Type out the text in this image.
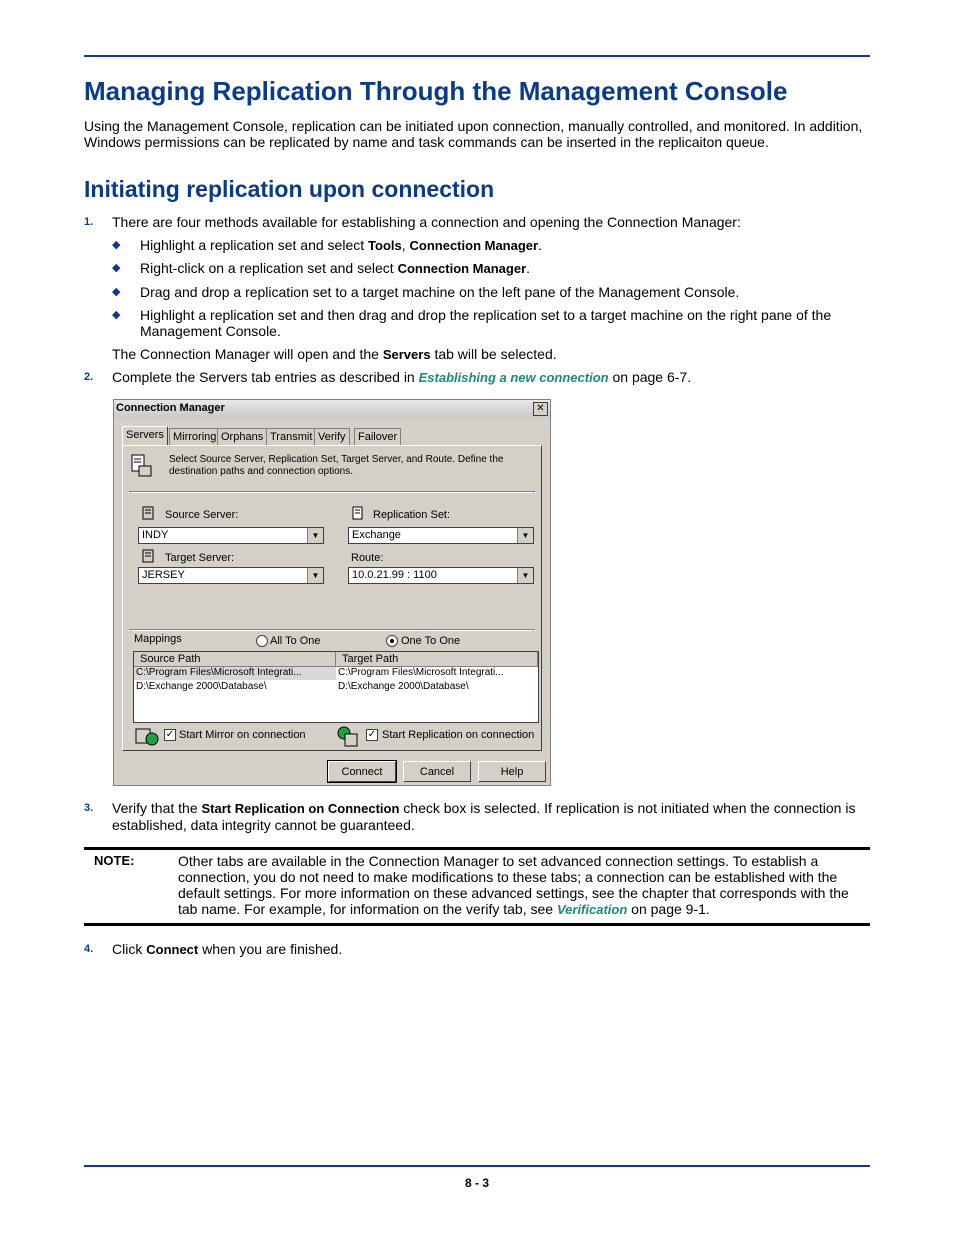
Managing Replication Through the Management Console

Using the Management Console, replication can be initiated upon connection, manually controlled, and monitored. In addition, Windows permissions can be replicated by name and task commands can be inserted in the replicaiton queue.

Initiating replication upon connection
1. There are four methods available for establishing a connection and opening the Connection Manager:
◆ Highlight a replication set and select Tools, Connection Manager.
◆ Right-click on a replication set and select Connection Manager.
◆ Drag and drop a replication set to a target machine on the left pane of the Management Console.
◆ Highlight a replication set and then drag and drop the replication set to a target machine on the right pane of the Management Console.
The Connection Manager will open and the Servers tab will be selected.
2. Complete the Servers tab entries as described in Establishing a new connection on page 6-7.
Connection Manager	✕
Servers Mirroring Orphans Transmit Verify	Failover
Select Source Server, Replication Set, Target Server, and Route. Define the destination paths and connection options.
Source Server:
INDY	▼
Replication Set:
Exchange	▼
Target Server:
JERSEY	▼
Route:
10.0.21.99 : 1100	▼
Mappings	All To One	One To One
Source Path	Target Path
C:\Program Files\Microsoft Integrati...	C:\Program Files\Microsoft Integrati...
D:\Exchange 2000\Database\	D:\Exchange 2000\Database\
✓ Start Mirror on connection	✓ Start Replication on connection
Connect	Cancel	Help
3. Verify that the Start Replication on Connection check box is selected. If replication is not initiated when the connection is established, data integrity cannot be guaranteed.
NOTE:	Other tabs are available in the Connection Manager to set advanced connection settings. To establish a connection, you do not need to make modifications to these tabs; a connection can be established with the default settings. For more information on these advanced settings, see the chapter that corresponds with the tab name. For example, for information on the verify tab, see Verification on page 9-1.
4. Click Connect when you are finished.
8 - 3
